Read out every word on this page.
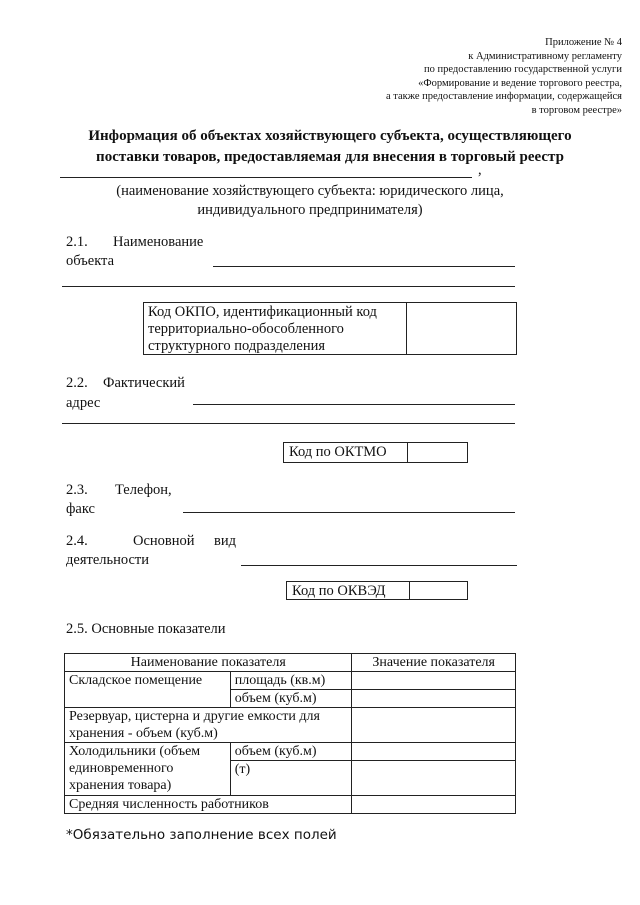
Приложение № 4
к Административному регламенту
по предоставлению государственной услуги
«Формирование и ведение торгового реестра,
а также предоставление информации, содержащейся
в торговом реестре»
Информация об объектах хозяйствующего субъекта, осуществляющего
поставки товаров, предоставляемая для внесения в торговый реестр
,
(наименование хозяйствующего субъекта: юридического лица,
индивидуального предпринимателя)
2.1. Наименование
объекта
Код ОКПО, идентификационный код
территориально-обособленного
структурного подразделения
2.2. Фактический
адрес
Код по ОКТМО
2.3. Телефон,
факс
2.4.	Основной вид
деятельности
Код по ОКВЭД
2.5. Основные показатели
Наименование показателя		Значение показателя
Складское помещение	площадь (кв.м)	
	объем (куб.м)	
Резервуар, цистерна и другие емкости для хранения - объем (куб.м)		
Холодильники (объем единовременного хранения товара)	объем (куб.м)	
	(т)	
Средняя численность работников		
*Обязательно заполнение всех полей
